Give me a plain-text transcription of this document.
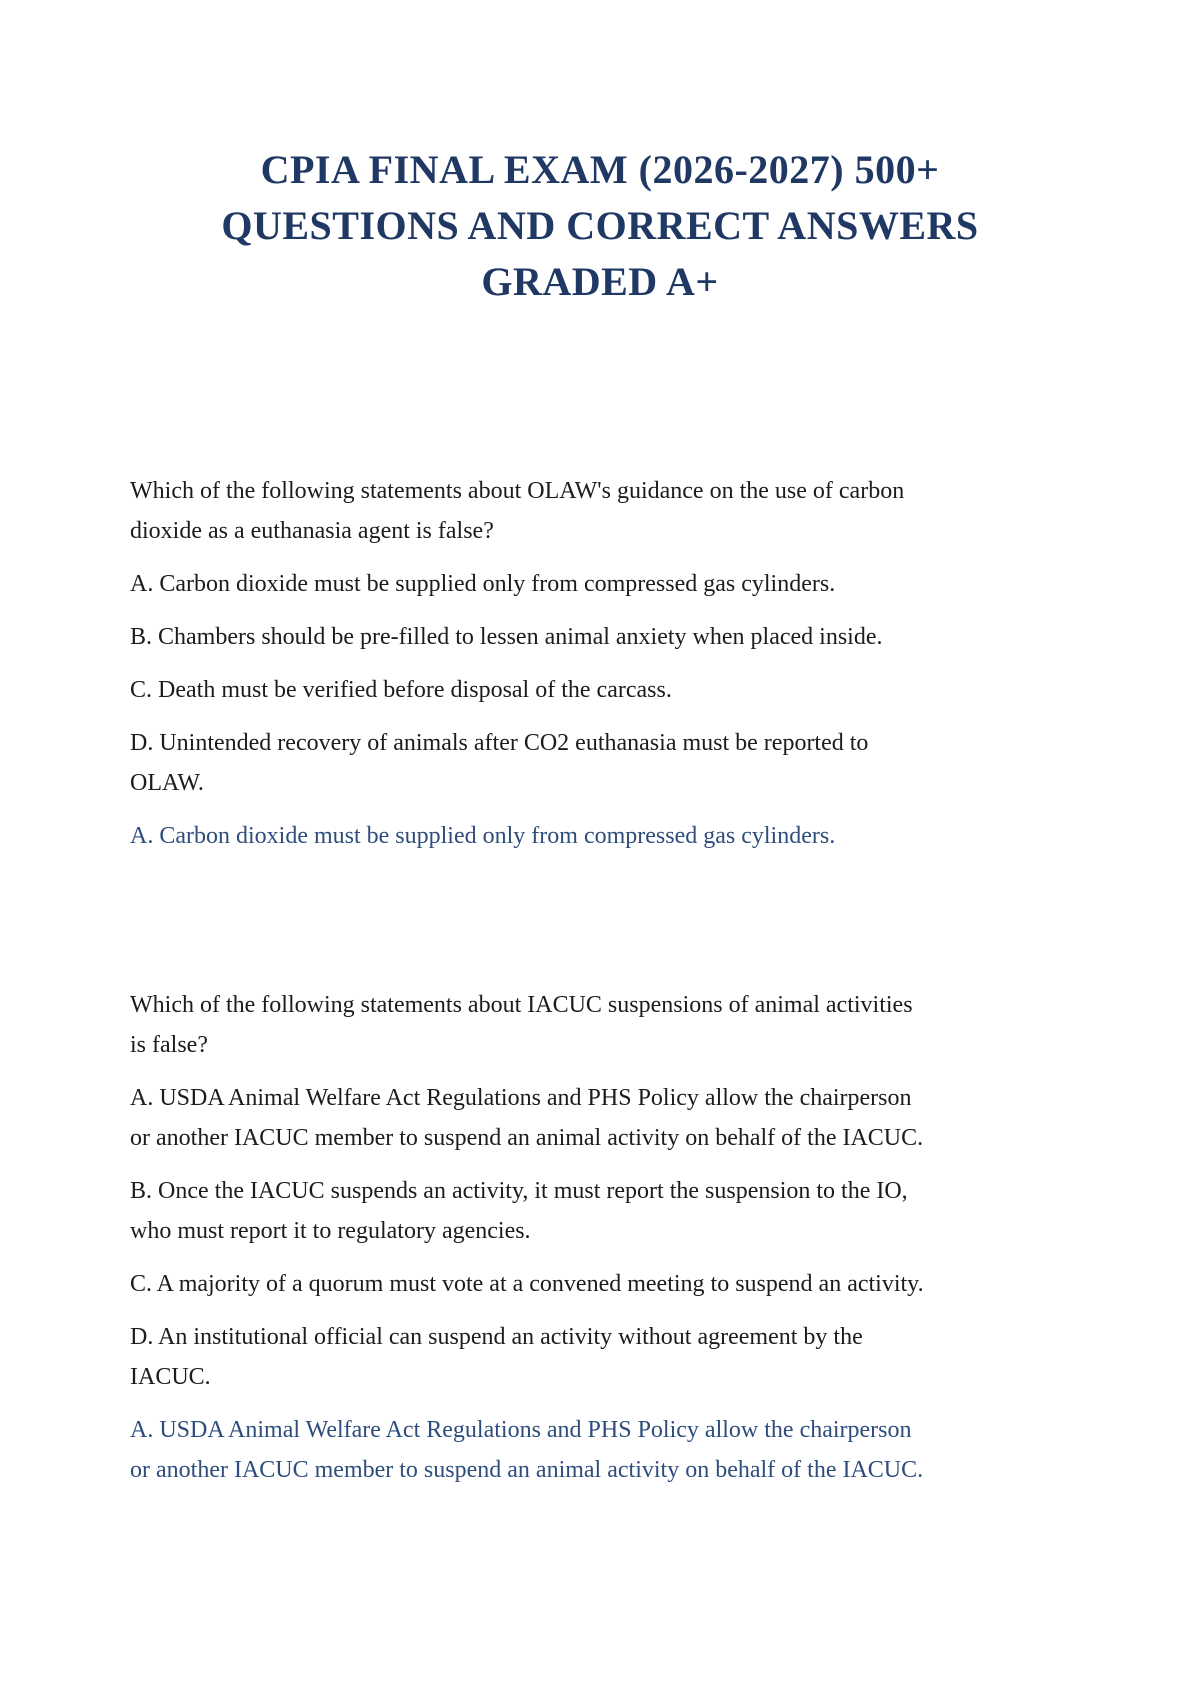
CPIA FINAL EXAM (2026-2027) 500+
QUESTIONS AND CORRECT ANSWERS
GRADED A+
Which of the following statements about OLAW's guidance on the use of carbon
dioxide as a euthanasia agent is false?
A. Carbon dioxide must be supplied only from compressed gas cylinders.
B. Chambers should be pre-filled to lessen animal anxiety when placed inside.
C. Death must be verified before disposal of the carcass.
D. Unintended recovery of animals after CO2 euthanasia must be reported to
OLAW.
A. Carbon dioxide must be supplied only from compressed gas cylinders.
Which of the following statements about IACUC suspensions of animal activities
is false?
A. USDA Animal Welfare Act Regulations and PHS Policy allow the chairperson
or another IACUC member to suspend an animal activity on behalf of the IACUC.
B. Once the IACUC suspends an activity, it must report the suspension to the IO,
who must report it to regulatory agencies.
C. A majority of a quorum must vote at a convened meeting to suspend an activity.
D. An institutional official can suspend an activity without agreement by the
IACUC.
A. USDA Animal Welfare Act Regulations and PHS Policy allow the chairperson
or another IACUC member to suspend an animal activity on behalf of the IACUC.
